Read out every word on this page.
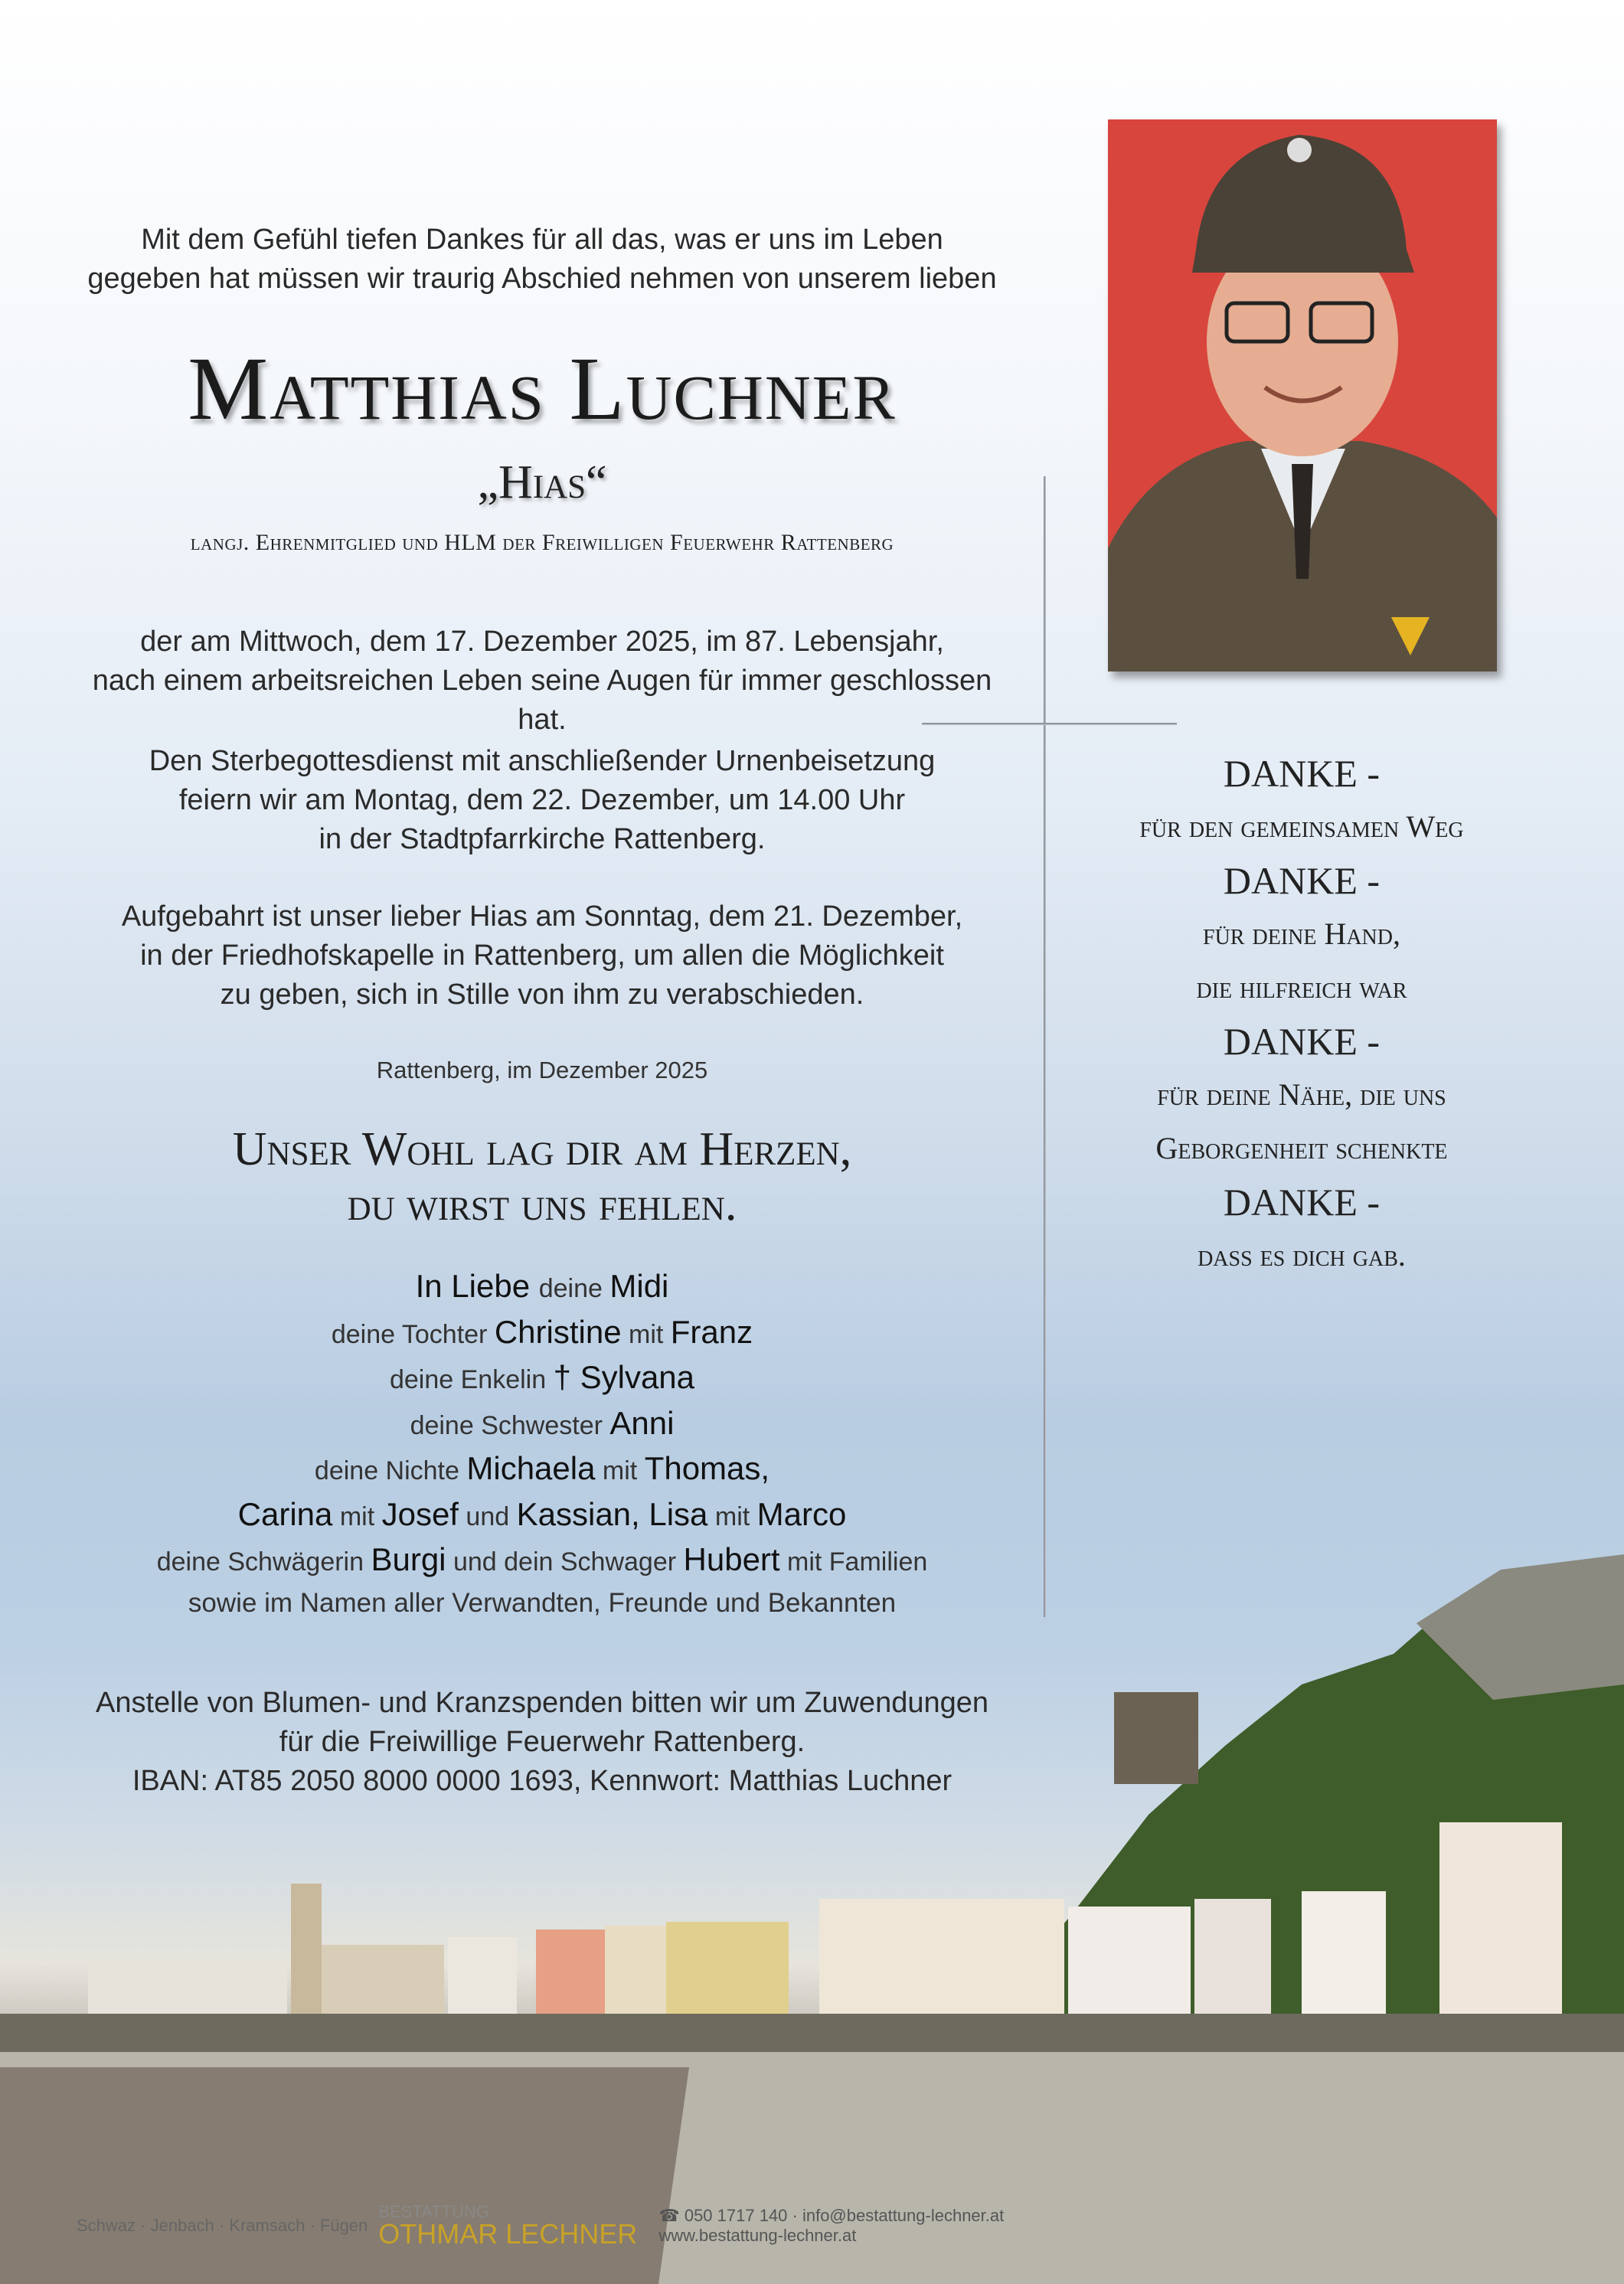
Mit dem Gefühl tiefen Dankes für all das, was er uns im Leben
gegeben hat müssen wir traurig Abschied nehmen von unserem lieben
Matthias Luchner
„Hias“
langj. Ehrenmitglied und HLM der Freiwilligen Feuerwehr Rattenberg
der am Mittwoch, dem 17. Dezember 2025, im 87. Lebensjahr,
nach einem arbeitsreichen Leben seine Augen für immer geschlossen hat.
Den Sterbegottesdienst mit anschließender Urnenbeisetzung
feiern wir am Montag, dem 22. Dezember, um 14.00 Uhr
in der Stadtpfarrkirche Rattenberg.
Aufgebahrt ist unser lieber Hias am Sonntag, dem 21. Dezember,
in der Friedhofskapelle in Rattenberg, um allen die Möglichkeit
zu geben, sich in Stille von ihm zu verabschieden.
Rattenberg, im Dezember 2025
Unser Wohl lag dir am Herzen,
du wirst uns fehlen.
In Liebe deine Midi
deine Tochter Christine mit Franz
deine Enkelin † Sylvana
deine Schwester Anni
deine Nichte Michaela mit Thomas,
Carina mit Josef und Kassian, Lisa mit Marco
deine Schwägerin Burgi und dein Schwager Hubert mit Familien
sowie im Namen aller Verwandten, Freunde und Bekannten
Anstelle von Blumen- und Kranzspenden bitten wir um Zuwendungen
für die Freiwillige Feuerwehr Rattenberg.
IBAN: AT85 2050 8000 0000 1693, Kennwort: Matthias Luchner
DANKE -
für den gemeinsamen Weg
DANKE -
für deine Hand,
die hilfreich war
DANKE -
für deine Nähe, die uns
Geborgenheit schenkte
DANKE -
dass es dich gab.
Schwaz · Jenbach · Kramsach · Fügen
BESTATTUNG
OTHMAR LECHNER
☎ 050 1717 140 · info@bestattung-lechner.at
www.bestattung-lechner.at
